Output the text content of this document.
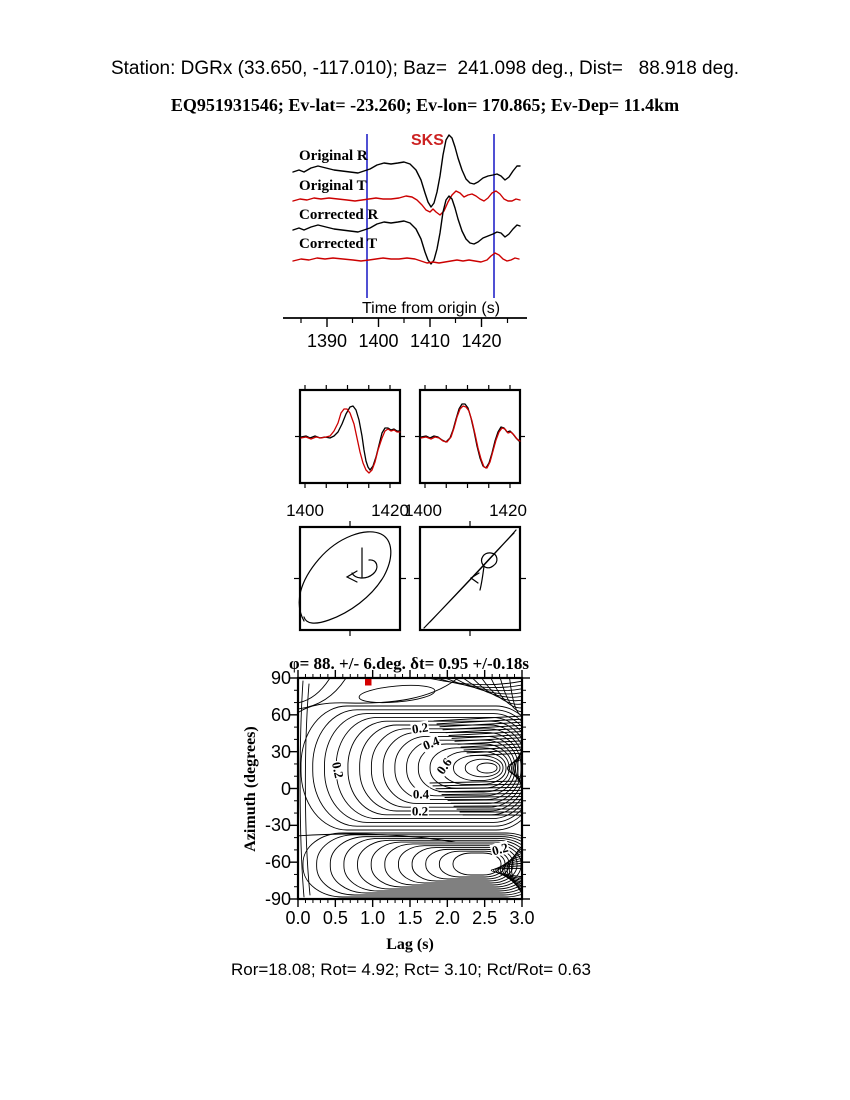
Station: DGRx (33.650, -117.010); Baz=  241.098 deg., Dist=   88.918 deg.
EQ951931546; Ev-lat= -23.260; Ev-lon= 170.865; Ev-Dep= 11.4km
SKS
Original R
Original T
Corrected R
Corrected T
Time from origin (s)
1390 1400 1410 1420
1400	1420
1400	1420
φ= 88. +/- 6.deg. δt= 0.95 +/-0.18s
Azimuth (degrees)
Lag (s)
90
60
30
0
-30
-60
-90
0.0 0.5 1.0 1.5 2.0 2.5 3.0
0.2
0.4
0.6
0.4
0.2
0.2
0.2
Ror=18.08; Rot= 4.92; Rct= 3.10; Rct/Rot= 0.63
